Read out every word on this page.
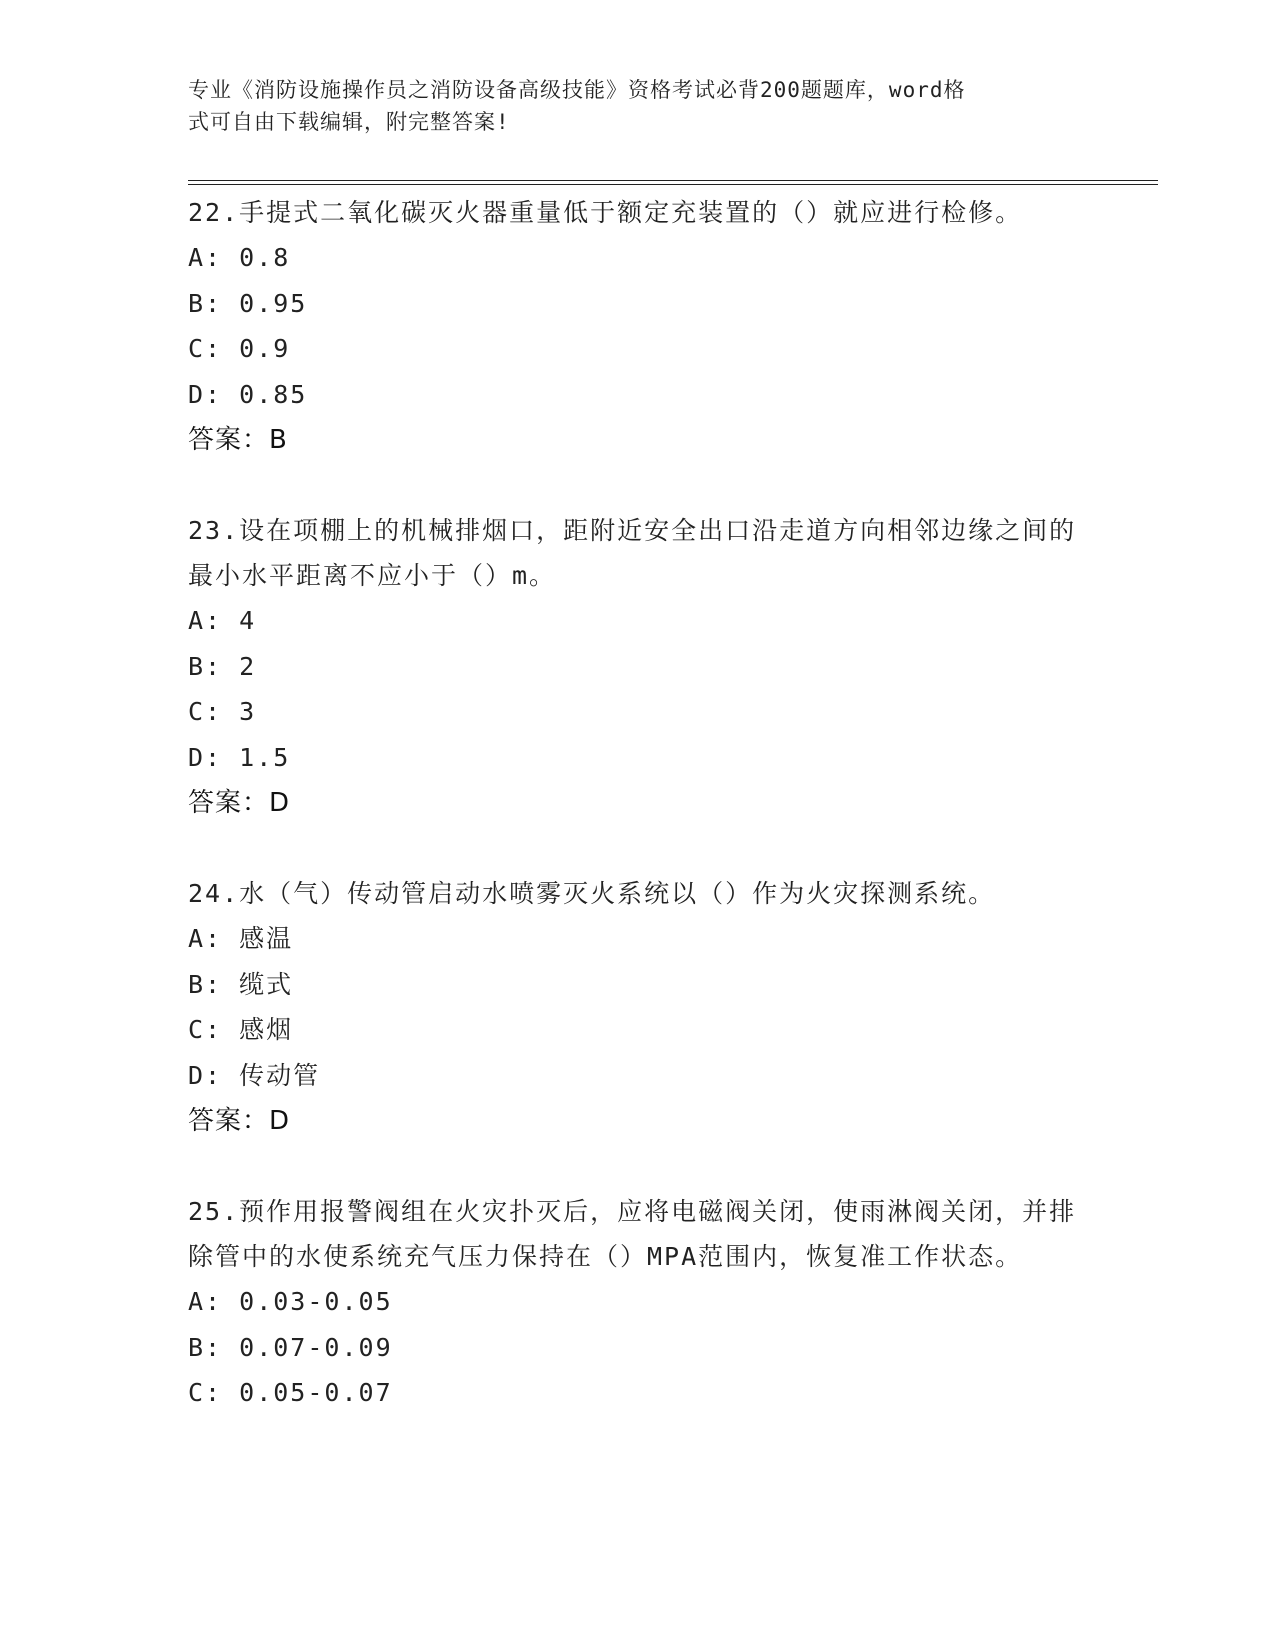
专业《消防设施操作员之消防设备高级技能》资格考试必背200题题库，word格
式可自由下载编辑，附完整答案!
22.手提式二氧化碳灭火器重量低于额定充装置的（）就应进行检修。
A: 0.8
B: 0.95
C: 0.9
D: 0.85
答案：B
23.设在项棚上的机械排烟口，距附近安全出口沿走道方向相邻边缘之间的最小水平距离不应小于（）m。
A: 4
B: 2
C: 3
D: 1.5
答案：D
24.水（气）传动管启动水喷雾灭火系统以（）作为火灾探测系统。
A: 感温
B: 缆式
C: 感烟
D: 传动管
答案：D
25.预作用报警阀组在火灾扑灭后，应将电磁阀关闭，使雨淋阀关闭，并排除管中的水使系统充气压力保持在（）MPA范围内，恢复准工作状态。
A: 0.03-0.05
B: 0.07-0.09
C: 0.05-0.07
